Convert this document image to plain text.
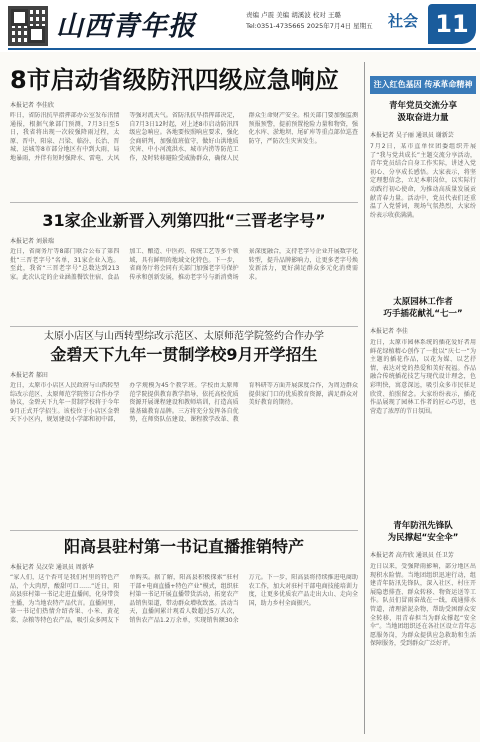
山西青年报	责编 卢震 美编 胡溪波 校对 王璐
Tel:0351-4735665 2025年7月4日 星期五 社会 11
8市启动省级防汛四级应急响应
本报记者 李佳欣
昨日，省防汛抗旱指挥部办公室发布汛情通报，根据气象部门预测，7月3日至5日，我省将出现一次较强降雨过程，太原、晋中、阳泉、吕梁、临汾、长治、晋城、运城等8市部分地区有中到大雨，局地暴雨，并伴有短时强降水、雷电、大风等强对流天气。省防汛抗旱指挥部决定，自7月3日12时起，对上述8市启动防汛四级应急响应。各地要按照响应要求，强化会商研判，加强值班值守，做好山洪地质灾害、中小河流洪水、城市内涝等防范工作，及时转移避险受威胁群众，确保人民群众生命财产安全。相关部门要加强监测预报预警，提前预置抢险力量和物资，强化水库、淤地坝、尾矿库等重点部位巡查防守，严防次生灾害发生。
31家企业新晋入列第四批“三晋老字号”
本报记者 刘景瑞
近日，省商务厅等8部门联合公布了第四批“三晋老字号”名单，31家企业入选。至此，我省“三晋老字号”总数达到213家。此次认定的企业涵盖餐饮住宿、食品加工、酿造、中医药、传统工艺等多个领域，具有鲜明的地域文化特色。下一步，省商务厅将会同有关部门加强老字号保护传承和创新发展，推动老字号与新消费场景深度融合，支持老字号企业开展数字化转型，提升品牌影响力，让更多老字号焕发新活力，更好满足群众多元化消费需求。
太原小店区与山西转型综改示范区、太原师范学院签约合作办学
金碧天下九年一贯制学校9月开学招生
本报记者 郝田
近日，太原市小店区人民政府与山西转型综改示范区、太原师范学院签订合作办学协议，金碧天下九年一贯制学校将于今年9月正式开学招生。该校位于小店区金碧天下小区内，规划建设小学部和初中部，办学规模为45个教学班。学校由太原师范学院提供教育教学指导，依托高校优质资源开展课程建设和教师培训，打造高质量基础教育品牌。三方将充分发挥各自优势，在师资队伍建设、课程教学改革、教育科研等方面开展深度合作，为周边群众提供家门口的优质教育资源，满足群众对美好教育的期待。
阳高县驻村第一书记直播推销特产
本报记者 吴汉荣 通讯员 周新华
“家人们，这个杏可是我们村里的特色产品，个大肉厚，酸甜可口……”近日，阳高县驻村第一书记走进直播间，化身带货主播，为当地农特产品代言。直播间里，第一书记们热情介绍杏果、小米、黄花菜、杂粮等特色农产品，吸引众多网友下单购买。据了解，阳高县积极探索“驻村干部+电商直播+特色产业”模式，组织驻村第一书记开展直播带货活动，拓宽农产品销售渠道，带动群众增收致富。活动当天，直播间累计观看人数超过5万人次，销售农产品1.2万余单，实现销售额30余万元。下一步，阳高县将持续推进电商助农工作，加大对驻村干部电商技能培训力度，让更多优质农产品走出大山、走向全国，助力乡村全面振兴。
注入红色基因 传承革命精神
青年党员交流分享
汲取奋进力量
本报记者 吴子丽 通讯员 谢新芸
7月2日，某市直单位团委组织开展了“我与党共成长”主题交流分享活动，青年党员结合自身工作实际，讲述入党初心、分享成长感悟。大家表示，将坚定理想信念，立足本职岗位，以实际行动践行初心使命，为推动高质量发展贡献青春力量。活动中，党员代表们还重温了入党誓词，现场气氛热烈，大家纷纷表示收获满满。
太原园林工作者
巧手插花献礼“七一”
本报记者 李佳
近日，太原市园林系统的插花爱好者用鲜花绿植精心创作了一批以“庆七一”为主题的插花作品，以花为媒、以艺抒情，表达对党的热爱和美好祝福。作品融合传统插花技艺与现代设计理念，色彩明快，寓意深远，吸引众多市民驻足欣赏、拍照留念。大家纷纷表示，插花作品展现了园林工作者的匠心巧思，也营造了浓厚的节日氛围。
青年防汛先锋队
为民撑起“安全伞”
本报记者 高卉欣 通讯员 任卫芳
近日以来，受强降雨影响，部分地区出现积水险情。当地团组织迅速行动，组建青年防汛先锋队，深入社区、村庄开展隐患排查、群众转移、物资运送等工作。队员们冒雨奋战在一线，疏通排水管道，清理淤泥杂物，帮助受困群众安全转移，用青春担当为群众撑起“安全伞”。当地团组织还在各社区设立青年志愿服务岗，为群众提供应急救助和生活保障服务，受到群众广泛好评。
